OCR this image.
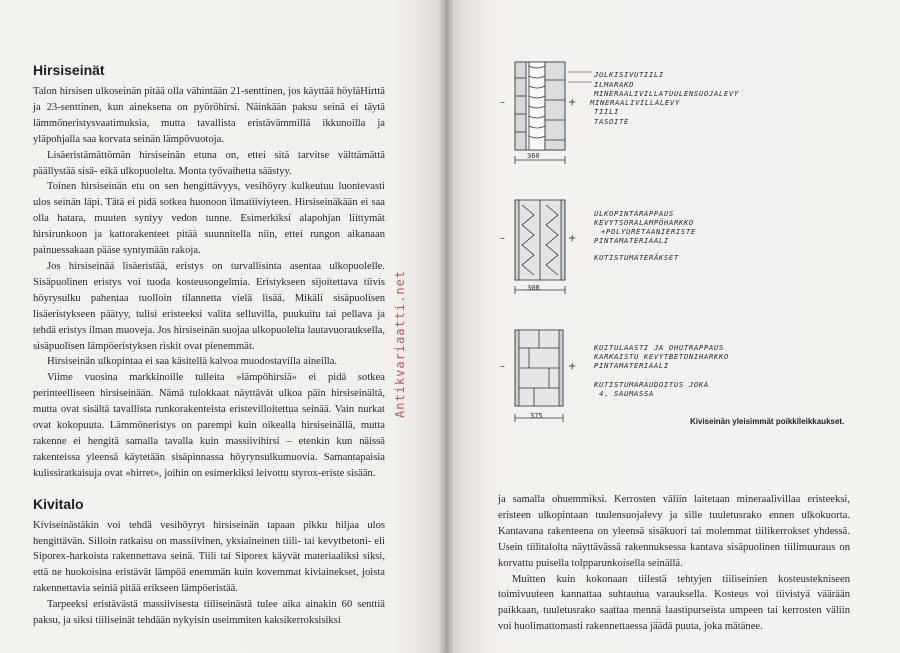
Hirsiseinät

Talon hirsisen ulkoseinän pitää olla vähintään 21-senttinen, jos käyttää höyläHirttä ja 23-senttinen, kun aineksena on pyöröhirsi. Näinkään paksu seinä ei täytä lämmöneristysvaatimuksia, mutta tavallista eristävämmillä ikkunoilla ja yläpohjalla saa korvata seinän lämpövuotoja.

Lisäeristämättömän hirsiseinän etuna on, ettei sitä tarvitse välttämättä päällystää sisä- eikä ulkopuolelta. Monta työvaihetta säästyy.

Toinen hirsiseinän etu on sen hengittävyys, vesihöyry kulkeutuu luontevasti ulos seinän läpi. Tätä ei pidä sotkea huonoon ilmatiiviyteen. Hirsiseinäkään ei saa olla hatara, muuten syntyy vedon tunne. Esimerkiksi alapohjan liittymät hirsirunkoon ja kattorakenteet pitää suunnitella niin, ettei rungon aikanaan painuessakaan pääse syntymään rakoja.

Jos hirsiseinää lisäeristää, eristys on turvallisinta asentaa ulkopuolelle. Sisäpuolinen eristys voi tuoda kosteusongelmia. Eristykseen sijoitettava tiivis höyrysulku pahentaa tuolloin tilannetta vielä lisää. Mikäli sisäpuolisen lisäeristykseen päätyy, tulisi eristeeksi valita selluvilla, puukuitu tai pellava ja tehdä eristys ilman muoveja. Jos hirsiseinän suojaa ulkopuolelta lautavuorauksella, sisäpuolisen lämpöeristyksen riskit ovat pienemmät.

Hirsiseinän ulkopintaa ei saa käsitellä kalvoa muodostavilla aineilla.

Viime vuosina markkinoille tulleita »lämpöhirsiä» ei pidä sotkea perinteelliseen hirsiseinään. Nämä tulokkaat näyttävät ulkoa päin hirsiseinältä, mutta ovat sisältä tavallista runkorakenteista eristevilloitettua seinää. Vain nurkat ovat kokopuuta. Lämmöneristys on parempi kuin oikealla hirsiseinällä, mutta rakenne ei hengitä samalla tavalla kuin massiivihirsi – etenkin kun näissä rakenteissa yleensä käytetään sisäpinnassa höyrynsulkumuovia. Samantapaisia kulissiratkaisuja ovat »hirret», joihin on esimerkiksi leivottu styrox-eriste sisään.

Kivitalo

Kiviseinästäkin voi tehdä vesihöyryt hirsiseinän tapaan pikku hiljaa ulos hengittävän. Silloin ratkaisu on massiivinen, yksiaineinen tiili- tai kevytbetoni- eli Siporex-harkoista rakennettava seinä. Tiili tai Siporex käyvät materiaaliksi siksi, että ne huokoisina eristävät lämpöä enemmän kuin kovemmat kiviainekset, joista rakennettavia seiniä pitää erikseen lämpöeristää.

Tarpeeksi eristävästä massiivisesta tiiliseinästä tulee aika ainakin 60 senttiä paksu, ja siksi tiiliseinät tehdään nykyisin useimmiten kaksikerroksisiksi

Antikvariaatti.net
–	+
–	+
–	+
JULKISIVUTIILI
ILMARAKO
MINERAALIVILLATUULENSUOJALEVY
MINERAALIVILLALEVY
TIILI
TASOITE
360
ULKOPINTARAPPAUS
KEVYTSORALAMPÖHARKKO
+POLYURETAANIERISTE
PINTAMATERIAALI
KUTISTUMATERÄKSET
300
KUITULAASTI JA OHUTRAPPAUS
KARKAISTU KEVYTBETONIHARKKO
PINTAMATERIAALI
KUTISTUMARAUDOITUS JOKA
4. SAUMASSA
375
Kiviseinän yleisimmät poikkileikkaukset.

ja samalla ohuemmiksi. Kerrosten väliin laitetaan mineraalivillaa eristeeksi, eristeen ulkopintaan tuulensuojalevy ja sille tuuletusrako ennen ulkokuorta. Kantavana rakenteena on yleensä sisäkuori tai molemmat tiilikerrokset yhdessä. Usein tiilitalolta näyttävässä rakennuksessa kantava sisäpuolinen tiilimuuraus on korvattu puisella tolpparunkoisella seinällä.

Muitten kuin kokonaan tiilestä tehtyjen tiiliseinien kosteustekniseen toimivuuteen kannattaa suhtautua varauksella. Kosteus voi tiivistyä väärään paikkaan, tuuletusrako saattaa mennä laastipurseista umpeen tai kerrosten väliin voi huolimattomasti rakennettaessa jäädä puuta, joka mätänee.
